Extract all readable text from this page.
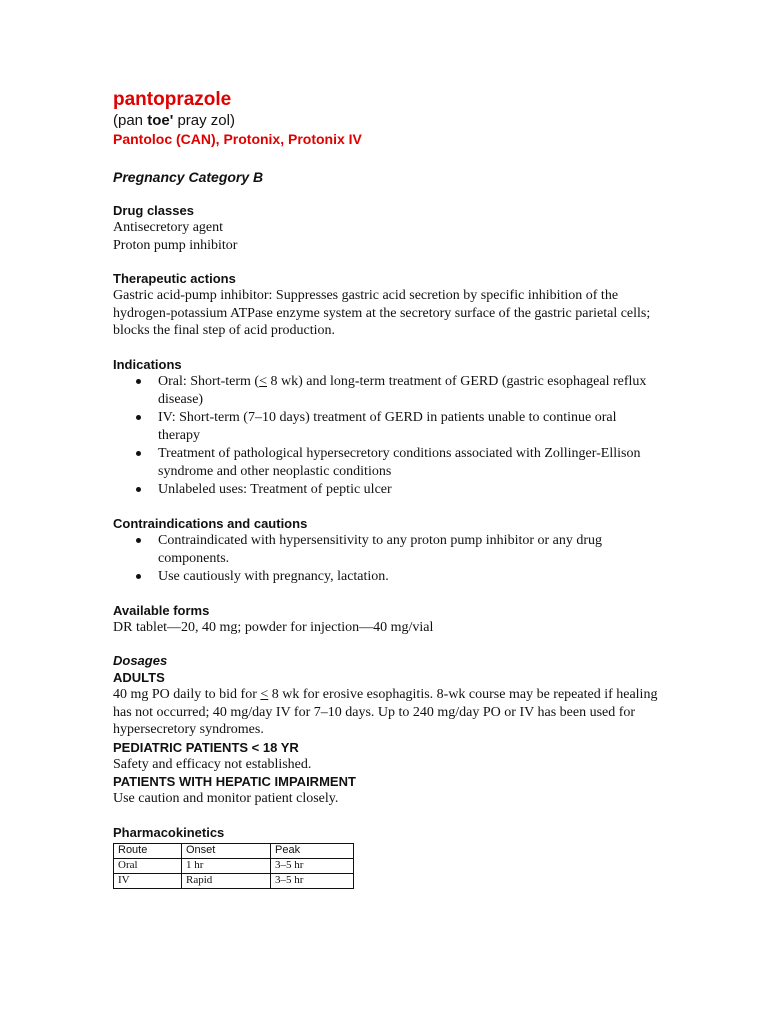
pantoprazole

(pan toe' pray zol)

Pantoloc (CAN), Protonix, Protonix IV

Pregnancy Category B

Drug classes

Antisecretory agent

Proton pump inhibitor

Therapeutic actions

Gastric acid-pump inhibitor: Suppresses gastric acid secretion by specific inhibition of the hydrogen-potassium ATPase enzyme system at the secretory surface of the gastric parietal cells; blocks the final step of acid production.

Indications

Oral: Short-term (< 8 wk) and long-term treatment of GERD (gastric esophageal reflux disease)
IV: Short-term (7–10 days) treatment of GERD in patients unable to continue oral therapy
Treatment of pathological hypersecretory conditions associated with Zollinger-Ellison syndrome and other neoplastic conditions
Unlabeled uses: Treatment of peptic ulcer

Contraindications and cautions

Contraindicated with hypersensitivity to any proton pump inhibitor or any drug components.
Use cautiously with pregnancy, lactation.

Available forms

DR tablet—20, 40 mg; powder for injection—40 mg/vial

Dosages

ADULTS

40 mg PO daily to bid for < 8 wk for erosive esophagitis. 8-wk course may be repeated if healing has not occurred; 40 mg/day IV for 7–10 days. Up to 240 mg/day PO or IV has been used for hypersecretory syndromes.

PEDIATRIC PATIENTS < 18 YR

Safety and efficacy not established.

PATIENTS WITH HEPATIC IMPAIRMENT

Use caution and monitor patient closely.

Pharmacokinetics

Route	Onset	Peak
Oral	1 hr	3–5 hr
IV	Rapid	3–5 hr
